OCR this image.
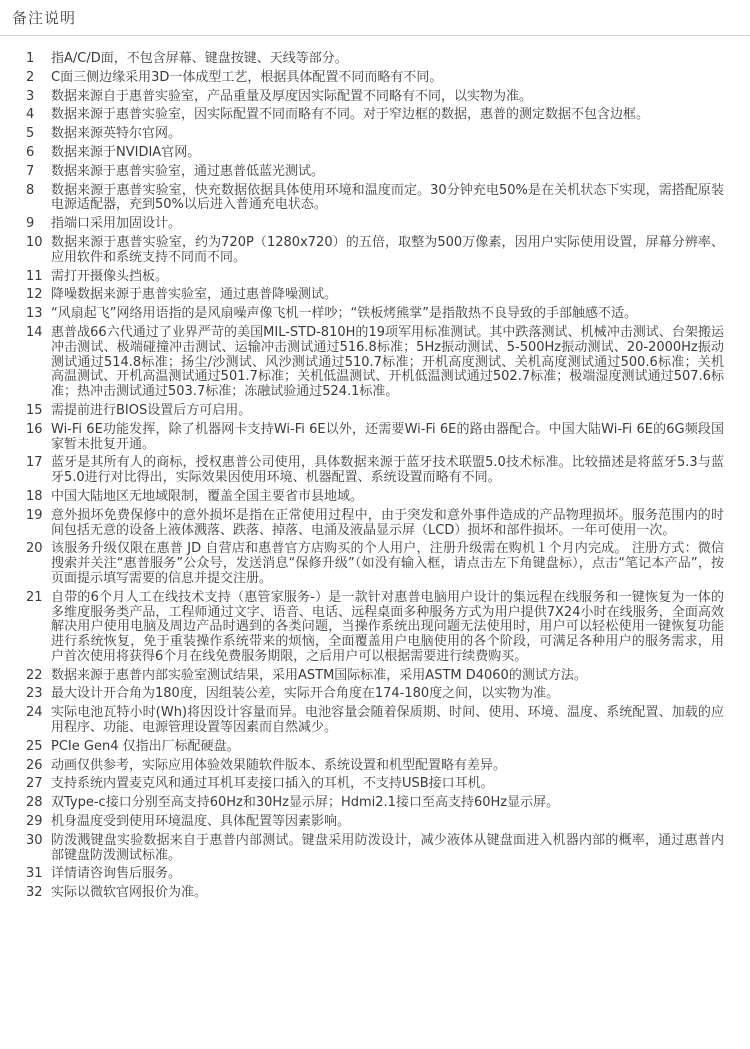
备注说明
1	指A/C/D面，不包含屏幕、键盘按键、天线等部分。
2	C面三侧边缘采用3D一体成型工艺，根据具体配置不同而略有不同。
3	数据来源自于惠普实验室，产品重量及厚度因实际配置不同略有不同，以实物为准。
4	数据来源于惠普实验室，因实际配置不同而略有不同。对于窄边框的数据，惠普的测定数据不包含边框。
5	数据来源英特尔官网。
6	数据来源于NVIDIA官网。
7	数据来源于惠普实验室，通过惠普低蓝光测试。
8	数据来源于惠普实验室，快充数据依据具体使用环境和温度而定。30分钟充电50%是在关机状态下实现，需搭配原装电源适配器，充到50%以后进入普通充电状态。
9	指端口采用加固设计。
10 数据来源于惠普实验室，约为720P（1280x720）的五倍，取整为500万像素，因用户实际使用设置，屏幕分辨率、应用软件和系统支持不同而不同。
11 需打开摄像头挡板。
12 降噪数据来源于惠普实验室，通过惠普降噪测试。
13 “风扇起飞”网络用语指的是风扇噪声像飞机一样吵；“铁板烤熊掌”是指散热不良导致的手部触感不适。
14 惠普战66六代通过了业界严苛的美国MIL-STD-810H的19项军用标准测试。其中跌落测试、机械冲击测试、台架搬运冲击测试、极端碰撞冲击测试、运输冲击测试通过516.8标准；5Hz振动测试、5-500Hz振动测试、20-2000Hz振动测试通过514.8标准；扬尘/沙测试、风沙测试通过510.7标准；开机高度测试、关机高度测试通过500.6标准；关机高温测试、开机高温测试通过501.7标准；关机低温测试、开机低温测试通过502.7标准；极端湿度测试通过507.6标准；热冲击测试通过503.7标准；冻融试验通过524.1标准。
15 需提前进行BIOS设置后方可启用。
16 Wi-Fi 6E功能发挥，除了机器网卡支持Wi-Fi 6E以外，还需要Wi-Fi 6E的路由器配合。中国大陆Wi-Fi 6E的6G频段国家暂未批复开通。
17 蓝牙是其所有人的商标，授权惠普公司使用，具体数据来源于蓝牙技术联盟5.0技术标准。比较描述是将蓝牙5.3与蓝牙5.0进行对比得出，实际效果因使用环境、机器配置、系统设置而略有不同。
18 中国大陆地区无地域限制，覆盖全国主要省市县地域。
19 意外损坏免费保修中的意外损坏是指在正常使用过程中，由于突发和意外事件造成的产品物理损坏。服务范围内的时间包括无意的设备上液体溅落、跌落、掉落、电涌及液晶显示屏（LCD）损坏和部件损坏。一年可使用一次。
20 该服务升级仅限在惠普 JD 自营店和惠普官方店购买的个人用户，注册升级需在购机１个月内完成。 注册方式：微信搜索并关注“惠普服务”公众号，发送消息“保修升级”（如没有输入框，请点击左下角键盘标），点击“笔记本产品”，按页面提示填写需要的信息并提交注册。
21 自带的6个月人工在线技术支持（惠管家服务-）是一款针对惠普电脑用户设计的集远程在线服务和一键恢复为一体的多维度服务类产品，工程师通过文字、语音、电话、远程桌面多种服务方式为用户提供7X24小时在线服务，全面高效解决用户使用电脑及周边产品时遇到的各类问题，当操作系统出现问题无法使用时，用户可以轻松使用一键恢复功能进行系统恢复，免于重装操作系统带来的烦恼，全面覆盖用户电脑使用的各个阶段，可满足各种用户的服务需求，用户首次使用将获得6个月在线免费服务期限，之后用户可以根据需要进行续费购买。
22 数据来源于惠普内部实验室测试结果，采用ASTM国际标准，采用ASTM D4060的测试方法。
23 最大设计开合角为180度，因组装公差，实际开合角度在174-180度之间，以实物为准。
24 实际电池瓦特小时(Wh)将因设计容量而异。电池容量会随着保质期、时间、使用、环境、温度、系统配置、加载的应用程序、功能、电源管理设置等因素而自然减少。
25 PCIe Gen4 仅指出厂标配硬盘。
26 动画仅供参考，实际应用体验效果随软件版本、系统设置和机型配置略有差异。
27 支持系统内置麦克风和通过耳机耳麦接口插入的耳机，不支持USB接口耳机。
28 双Type-c接口分别至高支持60Hz和30Hz显示屏；Hdmi2.1接口至高支持60Hz显示屏。
29 机身温度受到使用环境温度、具体配置等因素影响。
30 防泼溅键盘实验数据来自于惠普内部测试。键盘采用防泼设计，减少液体从键盘面进入机器内部的概率，通过惠普内部键盘防泼测试标准。
31 详情请咨询售后服务。
32 实际以微软官网报价为准。
